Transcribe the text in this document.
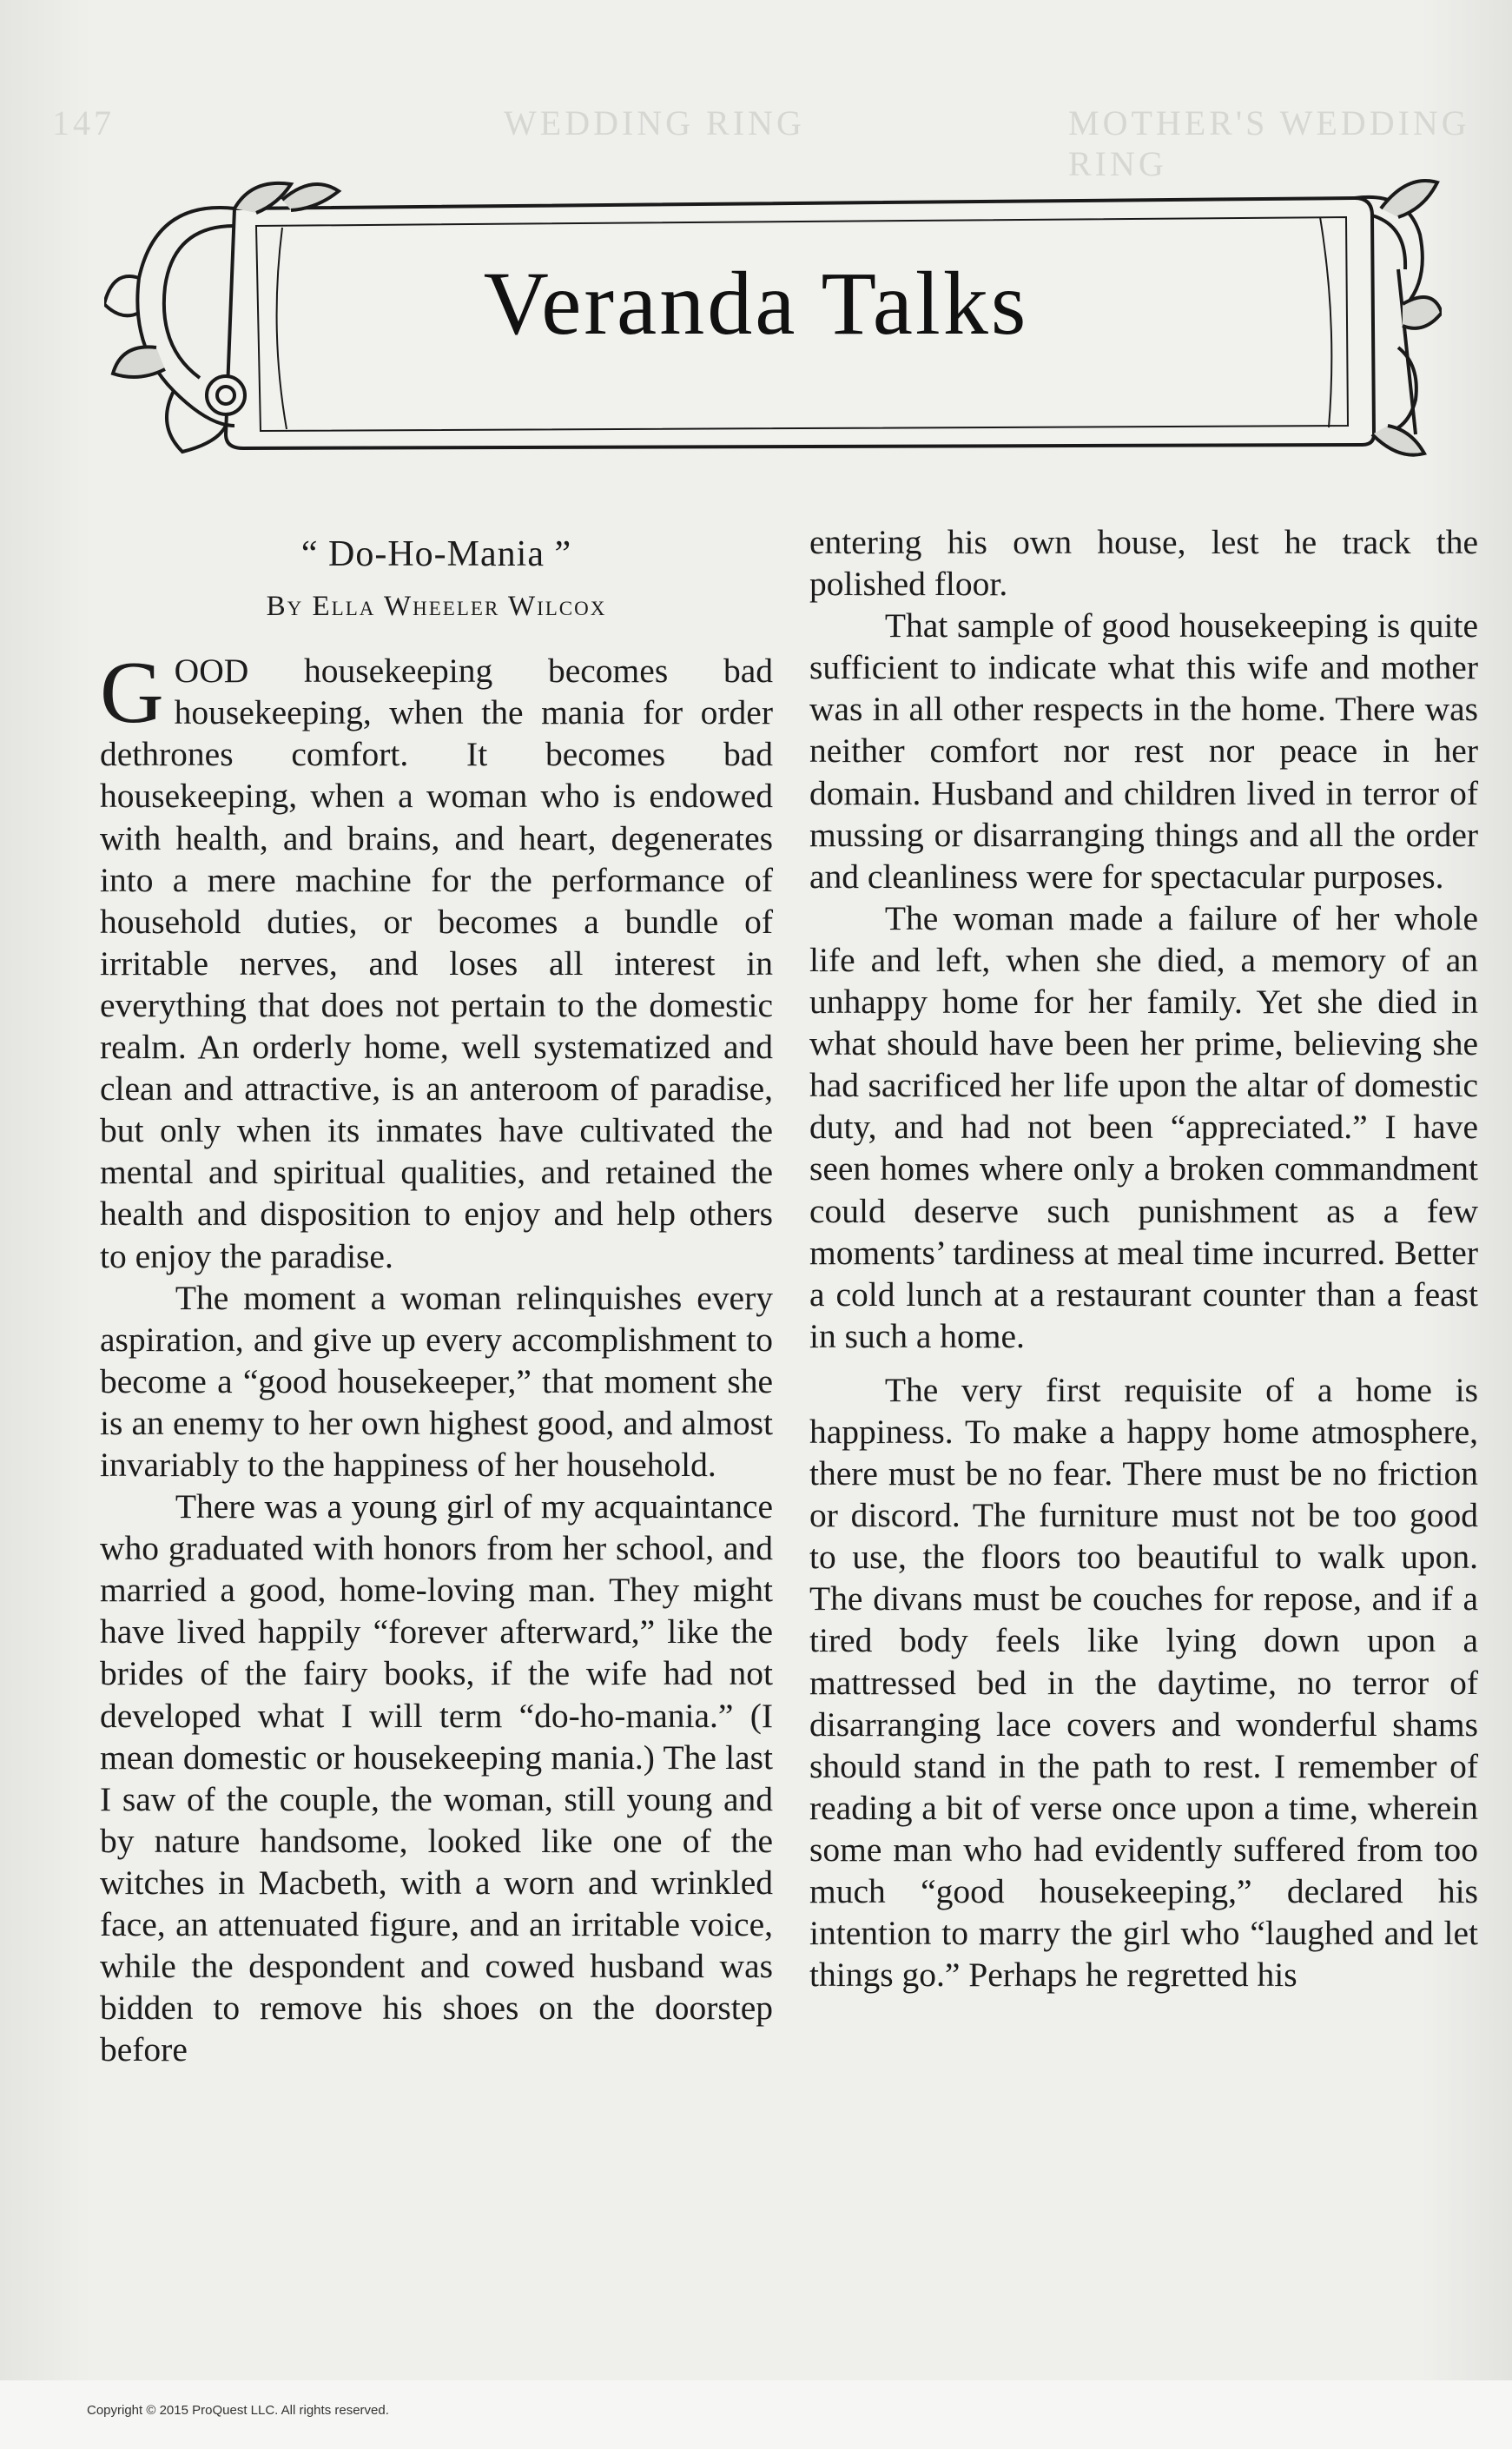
147	WEDDING RING	MOTHER'S WEDDING RING
Veranda Talks
“ Do-Ho-Mania ”
By Ella Wheeler Wilcox

GOOD housekeeping becomes bad housekeeping, when the mania for order dethrones comfort. It becomes bad housekeeping, when a woman who is endowed with health, and brains, and heart, degenerates into a mere machine for the performance of household duties, or becomes a bundle of irritable nerves, and loses all interest in everything that does not pertain to the domestic realm. An orderly home, well systematized and clean and attractive, is an anteroom of paradise, but only when its inmates have cultivated the mental and spiritual qualities, and retained the health and disposition to enjoy and help others to enjoy the paradise.

The moment a woman relinquishes every aspiration, and give up every accomplishment to become a “good housekeeper,” that moment she is an enemy to her own highest good, and almost invariably to the happiness of her household.

There was a young girl of my acquaintance who graduated with honors from her school, and married a good, home-loving man. They might have lived happily “forever afterward,” like the brides of the fairy books, if the wife had not developed what I will term “do-ho-mania.” (I mean domestic or housekeeping mania.) The last I saw of the couple, the woman, still young and by nature handsome, looked like one of the witches in Macbeth, with a worn and wrinkled face, an attenuated figure, and an irritable voice, while the despondent and cowed husband was bidden to remove his shoes on the doorstep before

entering his own house, lest he track the polished floor.

That sample of good housekeeping is quite sufficient to indicate what this wife and mother was in all other respects in the home. There was neither comfort nor rest nor peace in her domain. Husband and children lived in terror of mussing or disarranging things and all the order and cleanliness were for spectacular purposes.

The woman made a failure of her whole life and left, when she died, a memory of an unhappy home for her family. Yet she died in what should have been her prime, believing she had sacrificed her life upon the altar of domestic duty, and had not been “appreciated.” I have seen homes where only a broken commandment could deserve such punishment as a few moments’ tardiness at meal time incurred. Better a cold lunch at a restaurant counter than a feast in such a home.

The very first requisite of a home is happiness. To make a happy home atmosphere, there must be no fear. There must be no friction or discord. The furniture must not be too good to use, the floors too beautiful to walk upon. The divans must be couches for repose, and if a tired body feels like lying down upon a mattressed bed in the daytime, no terror of disarranging lace covers and wonderful shams should stand in the path to rest. I remember of reading a bit of verse once upon a time, wherein some man who had evidently suffered from too much “good housekeeping,” declared his intention to marry the girl who “laughed and let things go.” Perhaps he regretted his

Copyright © 2015 ProQuest LLC. All rights reserved.
